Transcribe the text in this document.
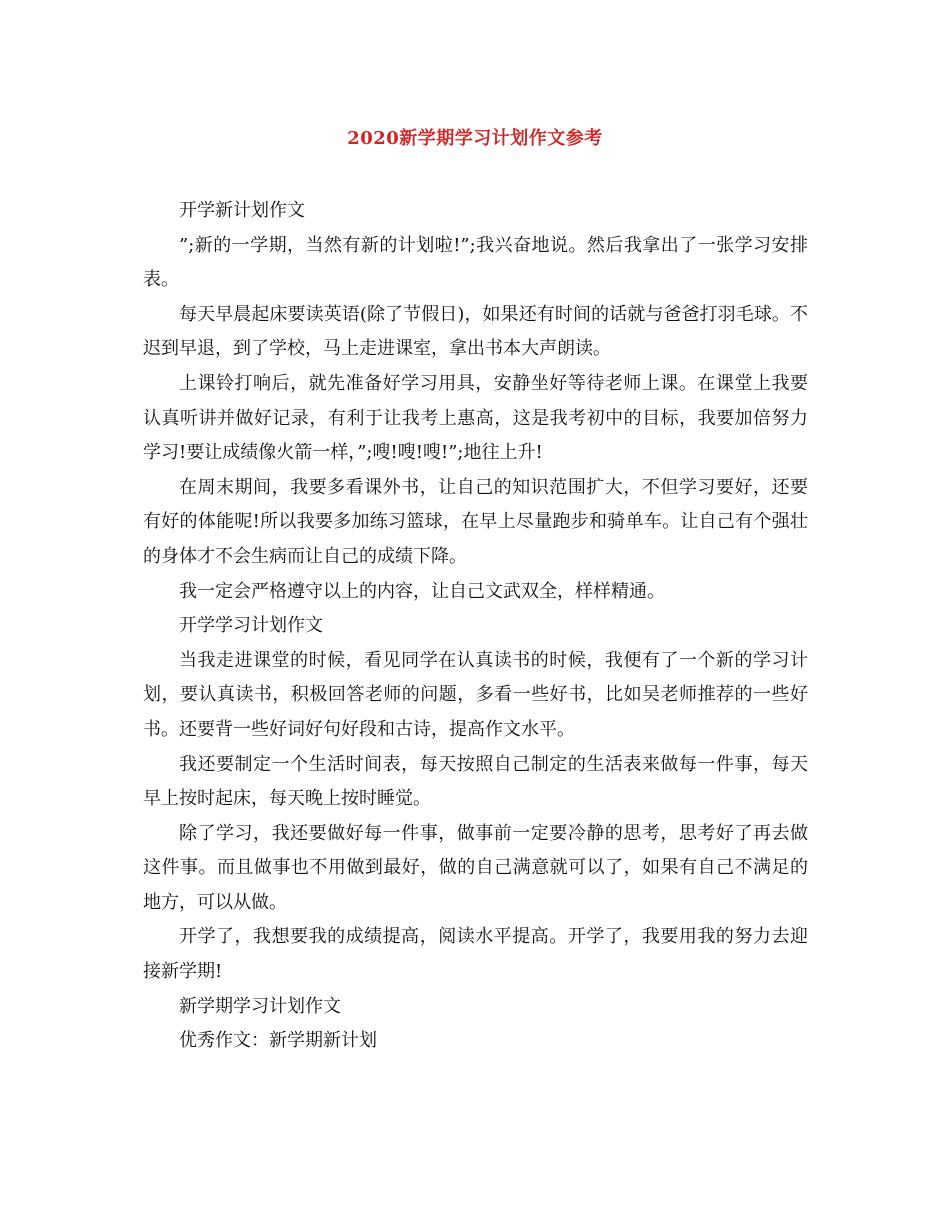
2020新学期学习计划作文参考

开学新计划作文

”;新的一学期，当然有新的计划啦!”;我兴奋地说。然后我拿出了一张学习安排表。

每天早晨起床要读英语(除了节假日)，如果还有时间的话就与爸爸打羽毛球。不迟到早退，到了学校，马上走进课室，拿出书本大声朗读。

上课铃打响后，就先准备好学习用具，安静坐好等待老师上课。在课堂上我要认真听讲并做好记录，有利于让我考上惠高，这是我考初中的目标，我要加倍努力学习!要让成绩像火箭一样，”;嗖!嗖!嗖!”;地往上升!

在周末期间，我要多看课外书，让自己的知识范围扩大，不但学习要好，还要有好的体能呢!所以我要多加练习篮球，在早上尽量跑步和骑单车。让自己有个强壮的身体才不会生病而让自己的成绩下降。

我一定会严格遵守以上的内容，让自己文武双全，样样精通。

开学学习计划作文

当我走进课堂的时候，看见同学在认真读书的时候，我便有了一个新的学习计划，要认真读书，积极回答老师的问题，多看一些好书，比如吴老师推荐的一些好书。还要背一些好词好句好段和古诗，提高作文水平。

我还要制定一个生活时间表，每天按照自己制定的生活表来做每一件事，每天早上按时起床，每天晚上按时睡觉。

除了学习，我还要做好每一件事，做事前一定要冷静的思考，思考好了再去做这件事。而且做事也不用做到最好，做的自己满意就可以了，如果有自己不满足的地方，可以从做。

开学了，我想要我的成绩提高，阅读水平提高。开学了，我要用我的努力去迎接新学期!

新学期学习计划作文

优秀作文：新学期新计划
